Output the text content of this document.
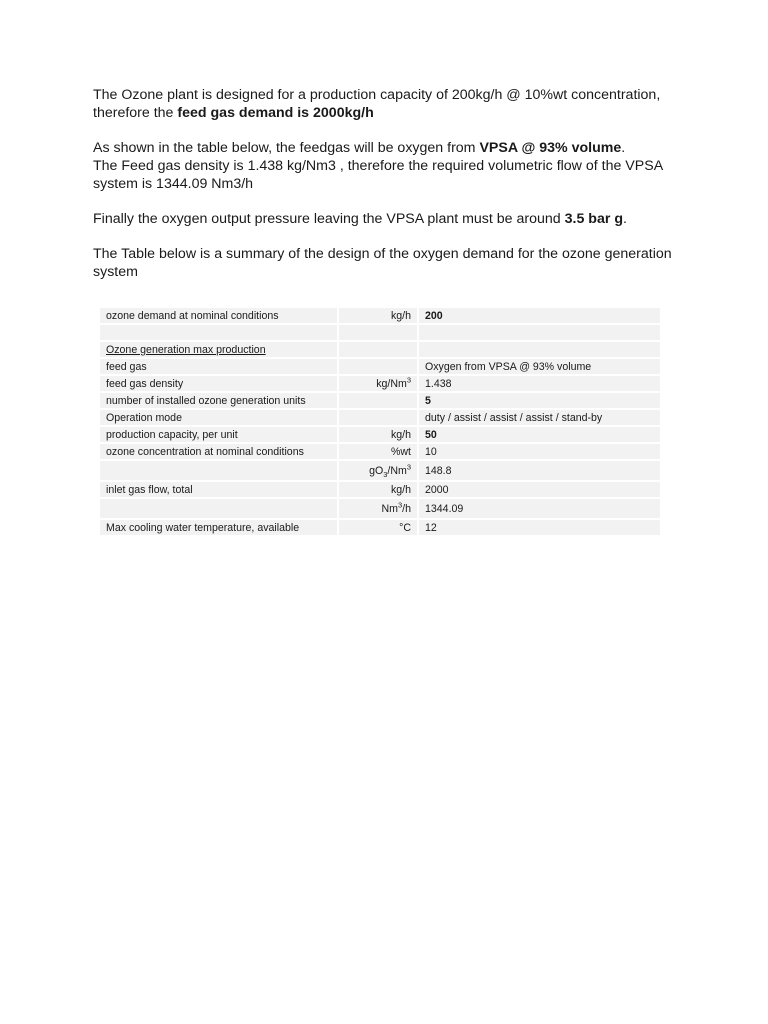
The Ozone plant is designed for a production capacity of 200kg/h @ 10%wt concentration,
therefore the feed gas demand is 2000kg/h

As shown in the table below, the feedgas will be oxygen from VPSA @ 93% volume.
The Feed gas density is 1.438 kg/Nm3 , therefore the required volumetric flow of the VPSA
system is 1344.09 Nm3/h

Finally the oxygen output pressure leaving the VPSA plant must be around 3.5 bar g.

The Table below is a summary of the design of the oxygen demand for the ozone generation
system

ozone demand at nominal conditions	kg/h	200

Ozone generation max production		
feed gas		Oxygen from VPSA @ 93% volume
feed gas density	kg/Nm$^3$	1.438
number of installed ozone generation units		5
Operation mode		duty / assist / assist / assist / stand-by
production capacity, per unit	kg/h	50
ozone concentration at nominal conditions	%wt	10
	$gO_3/Nm^3$	148.8
inlet gas flow, total	kg/h	2000
	Nm$^3$/h	1344.09
Max cooling water temperature, available	°C	12
